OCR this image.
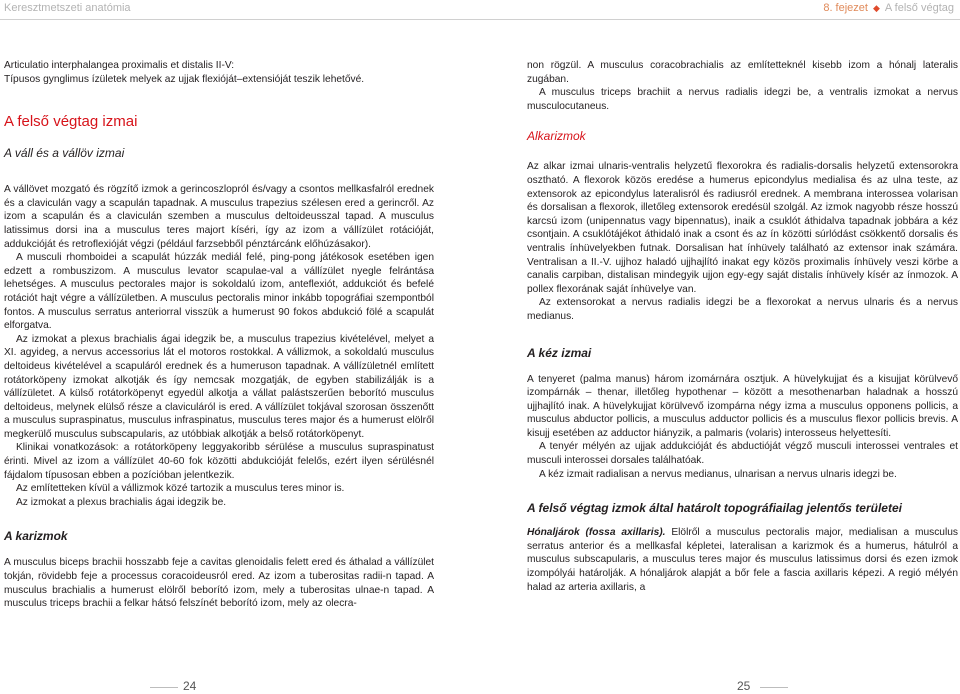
Keresztmetszeti anatómia	8. fejezet ◆ A felső végtag

Articulatio interphalangea proximalis et distalis II-V:

Típusos gynglimus ízületek melyek az ujjak flexióját–extensióját teszik lehetővé.

A felső végtag izmai
A váll és a vállöv izmai

A vállövet mozgató és rögzítő izmok a gerincoszlopról és/vagy a csontos mellkasfalról erednek és a claviculán vagy a scapulán tapadnak. A musculus trapezius szélesen ered a gerincről. Az izom a scapulán és a claviculán szemben a musculus deltoideusszal tapad. A musculus latissimus dorsi ina a musculus teres majort kíséri, így az izom a vállízület rotációját, addukcióját és retroflexióját végzi (például farzsebből pénztárcánk előhúzásakor).

A musculi rhomboidei a scapulát húzzák mediál felé, ping-pong játékosok esetében igen edzett a rombuszizom. A musculus levator scapulae-val a vállízület nyegle felrántása lehetséges. A musculus pectorales major is sokoldalú izom, anteflexiót, addukciót és befelé rotációt hajt végre a vállízületben. A musculus pectoralis minor inkább topográfiai szempontból fontos. A musculus serratus anteriorral visszük a humerust 90 fokos abdukció fölé a scapulát elforgatva.

Az izmokat a plexus brachialis ágai idegzik be, a musculus trapezius kivételével, melyet a XI. agyideg, a nervus accessorius lát el motoros rostokkal. A vállizmok, a sokoldalú musculus deltoideus kivételével a scapuláról erednek és a humeruson tapadnak. A vállízületnél említett rotátorköpeny izmokat alkotják és így nemcsak mozgatják, de egyben stabilizálják is a vállízületet. A külső rotátorköpenyt egyedül alkotja a vállat palástszerűen beborító musculus deltoideus, melynek elülső része a claviculáról is ered. A vállízület tokjával szorosan összenőtt a musculus supraspinatus, musculus infraspinatus, musculus teres major és a humerust elölről megkerülő musculus subscapularis, az utóbbiak alkotják a belső rotátorköpenyt.

Klinikai vonatkozások: a rotátorköpeny leggyakoribb sérülése a musculus supraspinatust érinti. Mivel az izom a vállízület 40-60 fok közötti abdukcióját felelős, ezért ilyen sérülésnél fájdalom típusosan ebben a pozícióban jelentkezik.

Az említetteken kívül a vállizmok közé tartozik a musculus teres minor is.

Az izmokat a plexus brachialis ágai idegzik be.

A karizmok

A musculus biceps brachii hosszabb feje a cavitas glenoidalis felett ered és áthalad a vállízület tokján, rövidebb feje a processus coracoideusról ered. Az izom a tuberositas radii-n tapad. A musculus brachialis a humerust elölről beborító izom, mely a tuberositas ulnae-n tapad. A musculus triceps brachii a felkar hátsó felszínét beborító izom, mely az olecra-

non rögzül. A musculus coracobrachialis az említetteknél kisebb izom a hónalj lateralis zugában.

A musculus triceps brachiit a nervus radialis idegzi be, a ventralis izmokat a nervus musculocutaneus.

Alkarizmok

Az alkar izmai ulnaris-ventralis helyzetű flexorokra és radialis-dorsalis helyzetű extensorokra osztható. A flexorok közös eredése a humerus epicondylus medialisa és az ulna teste, az extensorok az epicondylus lateralisról és radiusról erednek. A membrana interossea volarisan és dorsalisan a flexorok, illetőleg extensorok eredésül szolgál. Az izmok nagyobb része hosszú karcsú izom (unipennatus vagy bipennatus), inaik a csuklót áthidalva tapadnak jobbára a kéz csontjain. A csuklótájékot áthidaló inak a csont és az ín közötti súrlódást csökkentő dorsalis és ventralis ínhüvelyekben futnak. Dorsalisan hat ínhüvely található az extensor inak számára. Ventralisan a II.-V. ujjhoz haladó ujjhajlító inakat egy közös proximalis ínhüvely veszi körbe a canalis carpiban, distalisan mindegyik ujjon egy-egy saját distalis ínhüvely kísér az ínmozok. A pollex flexorának saját ínhüvelye van.

Az extensorokat a nervus radialis idegzi be a flexorokat a nervus ulnaris és a nervus medianus.

A kéz izmai

A tenyeret (palma manus) három izomárnára osztjuk. A hüvelykujjat és a kisujjat körülvevő izompárnák – thenar, illetőleg hypothenar – között a mesothenarban haladnak a hosszú ujjhajlító inak. A hüvelykujjat körülvevő izompárna négy izma a musculus opponens pollicis, a musculus abductor pollicis, a musculus adductor pollicis és a musculus flexor pollicis brevis. A kisujj esetében az adductor hiányzik, a palmaris (volaris) interosseus helyettesíti.

A tenyér mélyén az ujjak addukcióját és abductióját végző musculi interossei ventrales et musculi interossei dorsales találhatóak.

A kéz izmait radialisan a nervus medianus, ulnarisan a nervus ulnaris idegzi be.

A felső végtag izmok által határolt topográfiailag jelentős területei

Hónaljárok (fossa axillaris). Elölről a musculus pectoralis major, medialisan a musculus serratus anterior és a mellkasfal képletei, lateralisan a karizmok és a humerus, hátulról a musculus subscapularis, a musculus teres major és musculus latissimus dorsi és ezen izmok izompólyái határolják. A hónaljárok alapját a bőr fele a fascia axillaris képezi. A regió mélyén halad az arteria axillaris, a

24	25
